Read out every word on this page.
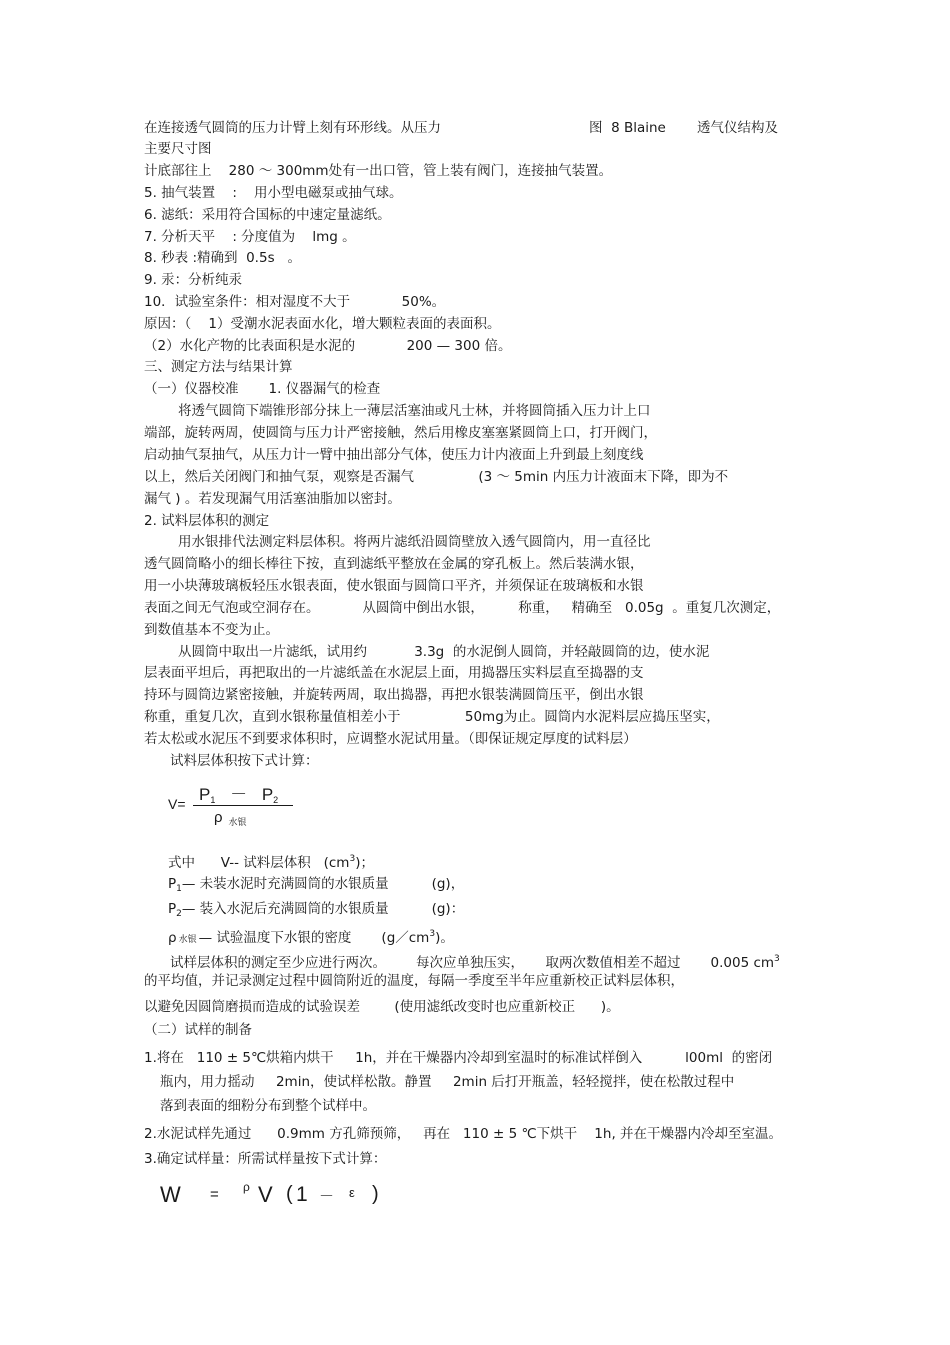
在连接透气圆筒的压力计臂上刻有环形线。从压力	图  8 Blaine 透气仪结构及
主要尺寸图
计底部往上    280 ～ 300mm处有一出口管，管上装有阀门，连接抽气装置。
5. 抽气装置    :    用小型电磁泵或抽气球。
6. 滤纸：采用符合国标的中速定量滤纸。
7. 分析天平    : 分度值为    lmg 。
8. 秒表 :精确到  0.5s   。
9. 汞：分析纯汞
10．试验室条件：相对湿度不大于            50%。
原因：（    1）受潮水泥表面水化，增大颗粒表面的表面积。
（2）水化产物的比表面积是水泥的            200 — 300 倍。
三、测定方法与结果计算
（一）仪器校准       1. 仪器漏气的检查
将透气圆筒下端锥形部分抹上一薄层活塞油或凡士林，并将圆筒插入压力计上口
端部，旋转两周，使圆筒与压力计严密接触，然后用橡皮塞塞紧圆筒上口，打开阀门，
启动抽气泵抽气，从压力计一臂中抽出部分气体，使压力计内液面上升到最上刻度线
以上，然后关闭阀门和抽气泵，观察是否漏气               (3 ～ 5min 内压力计液面末下降，即为不
漏气 ) 。若发现漏气用活塞油脂加以密封。
2. 试料层体积的测定
用水银排代法测定料层体积。将两片滤纸沿圆筒壁放入透气圆筒内，用一直径比
透气圆筒略小的细长棒往下按，直到滤纸平整放在金属的穿孔板上。然后装满水银，
用一小块薄玻璃板轻压水银表面，使水银面与圆筒口平齐，并须保证在玻璃板和水银
表面之间无气泡或空洞存在。          从圆筒中倒出水银，        称重，   精确至   0.05g  。重复几次测定，
到数值基本不变为止。
从圆筒中取出一片滤纸，试用约           3.3g  的水泥倒人圆筒，并轻敲圆筒的边，使水泥
层表面平坦后，再把取出的一片滤纸盖在水泥层上面，用捣器压实料层直至捣器的支
持环与圆筒边紧密接触，并旋转两周，取出捣器，再把水银装满圆筒压平，倒出水银
称重，重复几次，直到水银称量值相差小于               50mg为止。圆筒内水泥料层应捣压坚实，
若太松或水泥压不到要求体积时，应调整水泥试用量。（即保证规定厚度的试料层）
试料层体积按下式计算：
$V= P_1 - P_2$
ρ $_{水银}$
式中      V-- 试料层体积   $(cm^3)$；
$P_1—$ 未装水泥时充满圆筒的水银质量          (g)，
$P_2—$ 装入水泥后充满圆筒的水银质量          (g)：
ρ水银 — 试验温度下水银的密度       $(g/cm^3)$。
试样层体积的测定至少应进行两次。       每次应单独压实，     取两次数值相差不超过       0.005 $cm^3$
的平均值，并记录测定过程中圆筒附近的温度，每隔一季度至半年应重新校正试料层体积，
以避免因圆筒磨损而造成的试验误差        (使用滤纸改变时也应重新校正      )。
（二）试样的制备
1.将在   110 ± 5℃烘箱内烘干     1h，并在干燥器内冷却到室温时的标准试样倒入          l00ml  的密闭
瓶内，用力摇动     2min，使试样松散。静置     2min 后打开瓶盖，轻轻搅拌，使在松散过程中
落到表面的细粉分布到整个试样中。
2.水泥试样先通过      0.9mm 方孔筛预筛，   再在   110 ± 5 ℃下烘干    1h, 并在干燥器内冷却至室温。
3.确定试样量：所需试样量按下式计算：
W = ρ V ( 1 － ε )
